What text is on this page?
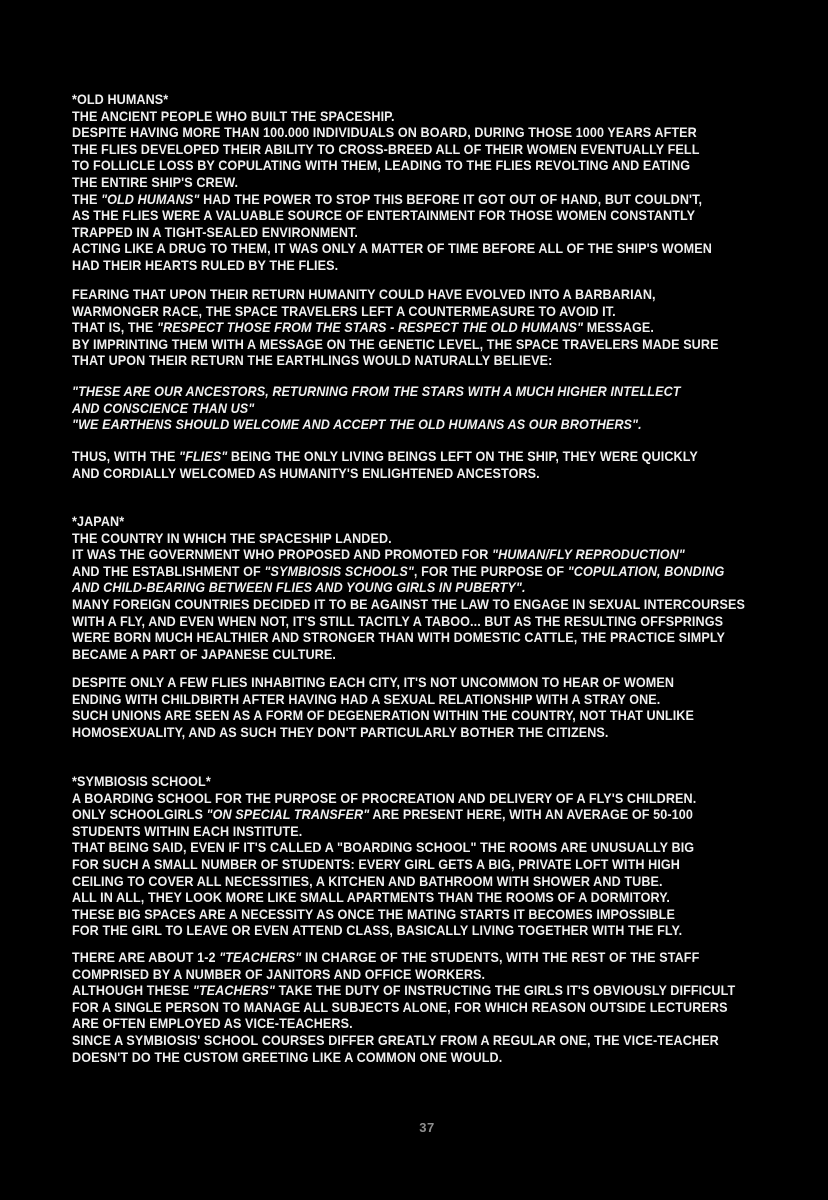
*OLD HUMANS*
THE ANCIENT PEOPLE WHO BUILT THE SPACESHIP.
DESPITE HAVING MORE THAN 100.000 INDIVIDUALS ON BOARD, DURING THOSE 1000 YEARS AFTER
THE FLIES DEVELOPED THEIR ABILITY TO CROSS-BREED ALL OF THEIR WOMEN EVENTUALLY FELL
TO FOLLICLE LOSS BY COPULATING WITH THEM, LEADING TO THE FLIES REVOLTING AND EATING
THE ENTIRE SHIP'S CREW.
THE "OLD HUMANS" HAD THE POWER TO STOP THIS BEFORE IT GOT OUT OF HAND, BUT COULDN'T,
AS THE FLIES WERE A VALUABLE SOURCE OF ENTERTAINMENT FOR THOSE WOMEN CONSTANTLY
TRAPPED IN A TIGHT-SEALED ENVIRONMENT.
ACTING LIKE A DRUG TO THEM, IT WAS ONLY A MATTER OF TIME BEFORE ALL OF THE SHIP'S WOMEN
HAD THEIR HEARTS RULED BY THE FLIES.
FEARING THAT UPON THEIR RETURN HUMANITY COULD HAVE EVOLVED INTO A BARBARIAN,
WARMONGER RACE, THE SPACE TRAVELERS LEFT A COUNTERMEASURE TO AVOID IT.
THAT IS, THE "RESPECT THOSE FROM THE STARS - RESPECT THE OLD HUMANS" MESSAGE.
BY IMPRINTING THEM WITH A MESSAGE ON THE GENETIC LEVEL, THE SPACE TRAVELERS MADE SURE
THAT UPON THEIR RETURN THE EARTHLINGS WOULD NATURALLY BELIEVE:
"THESE ARE OUR ANCESTORS, RETURNING FROM THE STARS WITH A MUCH HIGHER INTELLECT
AND CONSCIENCE THAN US"
"WE EARTHENS SHOULD WELCOME AND ACCEPT THE OLD HUMANS AS OUR BROTHERS".
THUS, WITH THE "FLIES" BEING THE ONLY LIVING BEINGS LEFT ON THE SHIP, THEY WERE QUICKLY
AND CORDIALLY WELCOMED AS HUMANITY'S ENLIGHTENED ANCESTORS.
*JAPAN*
THE COUNTRY IN WHICH THE SPACESHIP LANDED.
IT WAS THE GOVERNMENT WHO PROPOSED AND PROMOTED FOR "HUMAN/FLY REPRODUCTION"
AND THE ESTABLISHMENT OF "SYMBIOSIS SCHOOLS", FOR THE PURPOSE OF "COPULATION, BONDING
AND CHILD-BEARING BETWEEN FLIES AND YOUNG GIRLS IN PUBERTY".
MANY FOREIGN COUNTRIES DECIDED IT TO BE AGAINST THE LAW TO ENGAGE IN SEXUAL INTERCOURSES
WITH A FLY, AND EVEN WHEN NOT, IT'S STILL TACITLY A TABOO... BUT AS THE RESULTING OFFSPRINGS
WERE BORN MUCH HEALTHIER AND STRONGER THAN WITH DOMESTIC CATTLE, THE PRACTICE SIMPLY
BECAME A PART OF JAPANESE CULTURE.
DESPITE ONLY A FEW FLIES INHABITING EACH CITY, IT'S NOT UNCOMMON TO HEAR OF WOMEN
ENDING WITH CHILDBIRTH AFTER HAVING HAD A SEXUAL RELATIONSHIP WITH A STRAY ONE.
SUCH UNIONS ARE SEEN AS A FORM OF DEGENERATION WITHIN THE COUNTRY, NOT THAT UNLIKE
HOMOSEXUALITY, AND AS SUCH THEY DON'T PARTICULARLY BOTHER THE CITIZENS.
*SYMBIOSIS SCHOOL*
A BOARDING SCHOOL FOR THE PURPOSE OF PROCREATION AND DELIVERY OF A FLY'S CHILDREN.
ONLY SCHOOLGIRLS "ON SPECIAL TRANSFER" ARE PRESENT HERE, WITH AN AVERAGE OF 50-100
STUDENTS WITHIN EACH INSTITUTE.
THAT BEING SAID, EVEN IF IT'S CALLED A "BOARDING SCHOOL" THE ROOMS ARE UNUSUALLY BIG
FOR SUCH A SMALL NUMBER OF STUDENTS: EVERY GIRL GETS A BIG, PRIVATE LOFT WITH HIGH
CEILING TO COVER ALL NECESSITIES, A KITCHEN AND BATHROOM WITH SHOWER AND TUBE.
ALL IN ALL, THEY LOOK MORE LIKE SMALL APARTMENTS THAN THE ROOMS OF A DORMITORY.
THESE BIG SPACES ARE A NECESSITY AS ONCE THE MATING STARTS IT BECOMES IMPOSSIBLE
FOR THE GIRL TO LEAVE OR EVEN ATTEND CLASS, BASICALLY LIVING TOGETHER WITH THE FLY.
THERE ARE ABOUT 1-2 "TEACHERS" IN CHARGE OF THE STUDENTS, WITH THE REST OF THE STAFF
COMPRISED BY A NUMBER OF JANITORS AND OFFICE WORKERS.
ALTHOUGH THESE "TEACHERS" TAKE THE DUTY OF INSTRUCTING THE GIRLS IT'S OBVIOUSLY DIFFICULT
FOR A SINGLE PERSON TO MANAGE ALL SUBJECTS ALONE, FOR WHICH REASON OUTSIDE LECTURERS
ARE OFTEN EMPLOYED AS VICE-TEACHERS.
SINCE A SYMBIOSIS' SCHOOL COURSES DIFFER GREATLY FROM A REGULAR ONE, THE VICE-TEACHER
DOESN'T DO THE CUSTOM GREETING LIKE A COMMON ONE WOULD.
37
